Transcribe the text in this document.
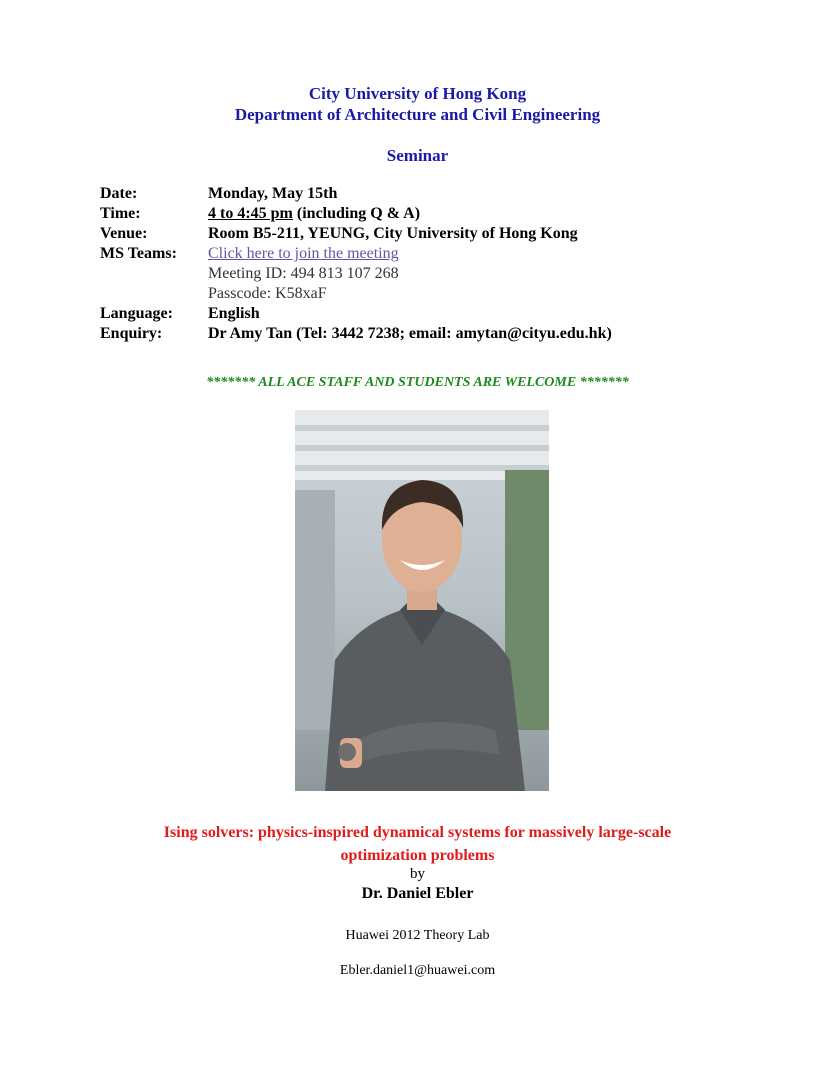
City University of Hong Kong
Department of Architecture and Civil Engineering
Seminar
Date:	Monday, May 15th
Time:	4 to 4:45 pm (including Q & A)
Venue:	Room B5-211, YEUNG, City University of Hong Kong
MS Teams: Click here to join the meeting
Meeting ID: 494 813 107 268
Passcode: K58xaF
Language: English
Enquiry:	Dr Amy Tan (Tel: 3442 7238; email: amytan@cityu.edu.hk)
******* ALL ACE STAFF AND STUDENTS ARE WELCOME *******
Ising solvers: physics-inspired dynamical systems for massively large-scale
optimization problems
by
Dr. Daniel Ebler
Huawei 2012 Theory Lab
Ebler.daniel1@huawei.com
